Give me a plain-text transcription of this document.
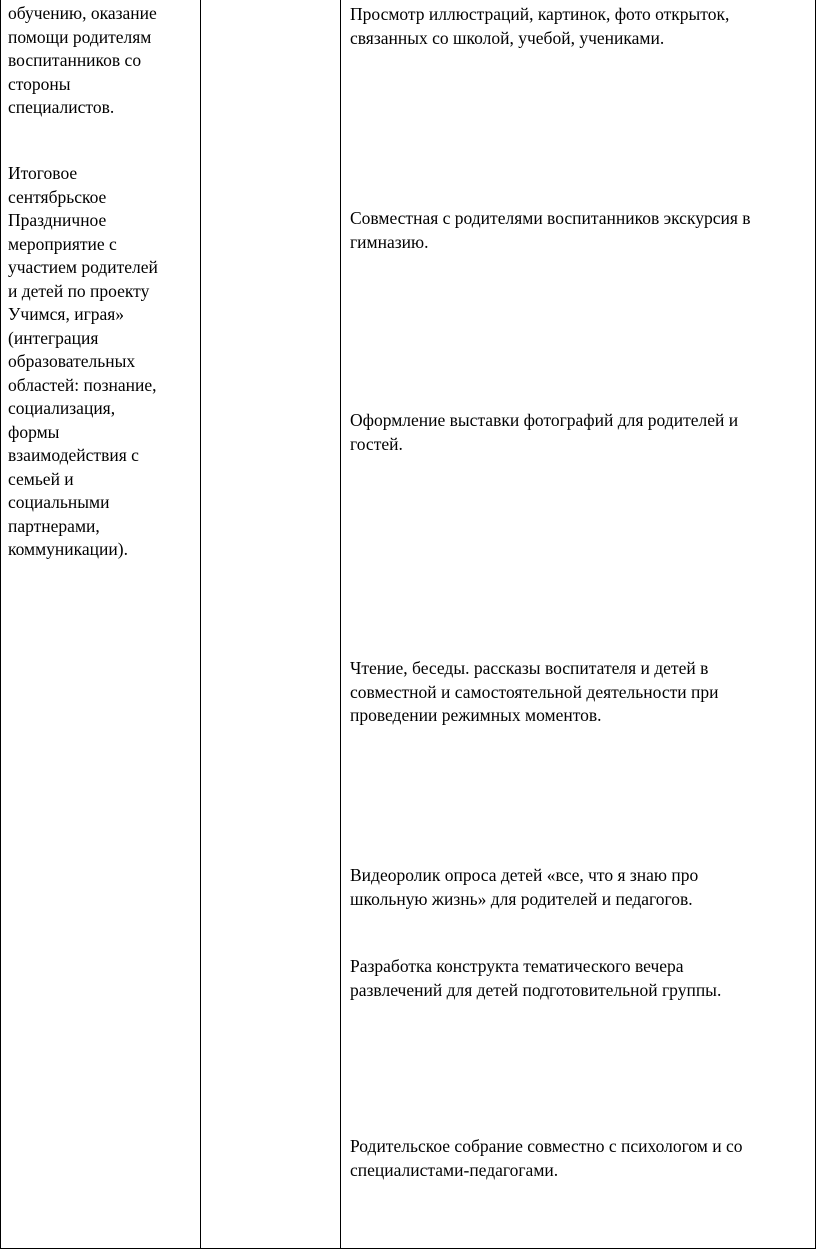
обучению, оказание
помощи родителям
воспитанников со
стороны
специалистов.

Итоговое
сентябрьское
Праздничное
мероприятие с
участием родителей
и детей по проекту
Учимся, играя»
(интеграция
образовательных
областей: познание,
социализация,
формы
взаимодействия с
семьей и
социальными
партнерами,
коммуникации).

Просмотр иллюстраций, картинок, фото открыток,
связанных со школой, учебой, учениками.

Совместная с родителями воспитанников экскурсия в
гимназию.

Оформление выставки фотографий для родителей и
гостей.

Чтение, беседы. рассказы воспитателя и детей в
совместной и самостоятельной деятельности при
проведении режимных моментов.

Видеоролик опроса детей «все, что я знаю про
школьную жизнь» для родителей и педагогов.

Разработка конструкта тематического вечера
развлечений для детей подготовительной группы.

Родительское собрание совместно с психологом и со
специалистами-педагогами.
